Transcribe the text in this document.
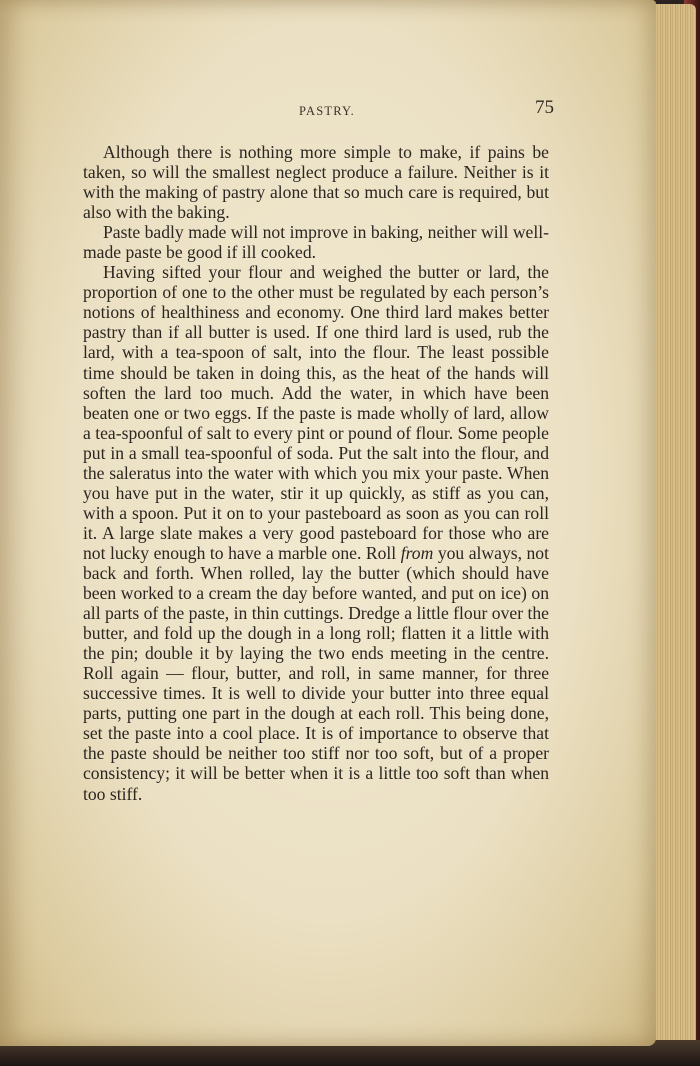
PASTRY.	75

Although there is nothing more simple to make, if pains be taken, so will the smallest neglect produce a failure. Neither is it with the making of pastry alone that so much care is required, but also with the baking.

Paste badly made will not improve in baking, neither will well-made paste be good if ill cooked.

Having sifted your flour and weighed the butter or lard, the proportion of one to the other must be regulated by each person’s notions of healthiness and economy. One third lard makes better pastry than if all butter is used. If one third lard is used, rub the lard, with a tea-spoon of salt, into the flour. The least possible time should be taken in doing this, as the heat of the hands will soften the lard too much. Add the water, in which have been beaten one or two eggs. If the paste is made wholly of lard, allow a tea-spoonful of salt to every pint or pound of flour. Some people put in a small tea-spoonful of soda. Put the salt into the flour, and the saleratus into the water with which you mix your paste. When you have put in the water, stir it up quickly, as stiff as you can, with a spoon. Put it on to your pasteboard as soon as you can roll it. A large slate makes a very good pasteboard for those who are not lucky enough to have a marble one. Roll from you always, not back and forth. When rolled, lay the butter (which should have been worked to a cream the day before wanted, and put on ice) on all parts of the paste, in thin cuttings. Dredge a little flour over the butter, and fold up the dough in a long roll; flatten it a little with the pin; double it by laying the two ends meeting in the centre. Roll again — flour, butter, and roll, in same manner, for three successive times. It is well to divide your butter into three equal parts, putting one part in the dough at each roll. This being done, set the paste into a cool place. It is of importance to observe that the paste should be neither too stiff nor too soft, but of a proper consistency; it will be better when it is a little too soft than when too stiff.
